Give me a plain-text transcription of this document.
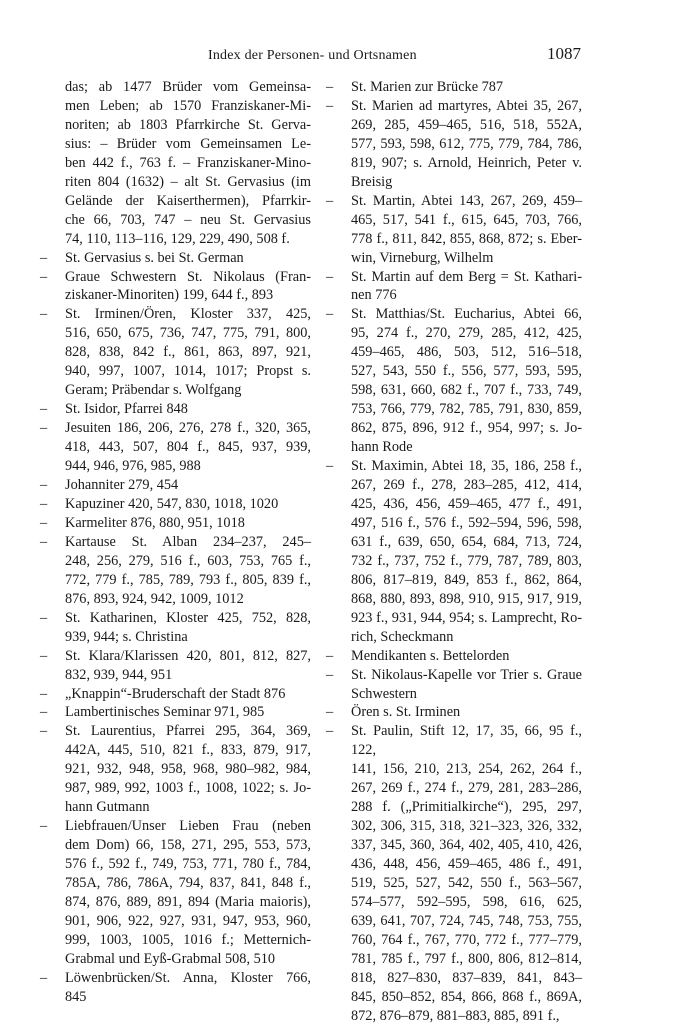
Index der Personen- und Ortsnamen	1087
das; ab 1477 Brüder vom Gemeinsa-
men Leben; ab 1570 Franziskaner-Mi-
noriten; ab 1803 Pfarrkirche St. Gerva-
sius: – Brüder vom Gemeinsamen Le-
ben 442 f., 763 f. – Franziskaner-Mino-
riten 804 (1632) – alt St. Gervasius (im
Gelände der Kaiserthermen), Pfarrkir-
che 66, 703, 747 – neu St. Gervasius
74, 110, 113–116, 129, 229, 490, 508 f.
– St. Gervasius s. bei St. German
– Graue Schwestern St. Nikolaus (Fran-
ziskaner-Minoriten) 199, 644 f., 893
– St. Irminen/Ören, Kloster 337, 425,
516, 650, 675, 736, 747, 775, 791, 800,
828, 838, 842 f., 861, 863, 897, 921,
940, 997, 1007, 1014, 1017; Propst s.
Geram; Präbendar s. Wolfgang
– St. Isidor, Pfarrei 848
– Jesuiten 186, 206, 276, 278 f., 320, 365,
418, 443, 507, 804 f., 845, 937, 939,
944, 946, 976, 985, 988
– Johanniter 279, 454
– Kapuziner 420, 547, 830, 1018, 1020
– Karmeliter 876, 880, 951, 1018
– Kartause St. Alban 234–237, 245–
248, 256, 279, 516 f., 603, 753, 765 f.,
772, 779 f., 785, 789, 793 f., 805, 839 f.,
876, 893, 924, 942, 1009, 1012
– St. Katharinen, Kloster 425, 752, 828,
939, 944; s. Christina
– St. Klara/Klarissen 420, 801, 812, 827,
832, 939, 944, 951
– „Knappin“-Bruderschaft der Stadt 876
– Lambertinisches Seminar 971, 985
– St. Laurentius, Pfarrei 295, 364, 369,
442A, 445, 510, 821 f., 833, 879, 917,
921, 932, 948, 958, 968, 980–982, 984,
987, 989, 992, 1003 f., 1008, 1022; s. Jo-
hann Gutmann
– Liebfrauen/Unser Lieben Frau (neben
dem Dom) 66, 158, 271, 295, 553, 573,
576 f., 592 f., 749, 753, 771, 780 f., 784,
785A, 786, 786A, 794, 837, 841, 848 f.,
874, 876, 889, 891, 894 (Maria maioris),
901, 906, 922, 927, 931, 947, 953, 960,
999, 1003, 1005, 1016 f.; Metternich-
Grabmal und Eyß-Grabmal 508, 510
– Löwenbrücken/St. Anna, Kloster 766,
845
– St. Marien zur Brücke 787
– St. Marien ad martyres, Abtei 35, 267,
269, 285, 459–465, 516, 518, 552A,
577, 593, 598, 612, 775, 779, 784, 786,
819, 907; s. Arnold, Heinrich, Peter v.
Breisig
– St. Martin, Abtei 143, 267, 269, 459–
465, 517, 541 f., 615, 645, 703, 766,
778 f., 811, 842, 855, 868, 872; s. Eber-
win, Virneburg, Wilhelm
– St. Martin auf dem Berg = St. Kathari-
nen 776
– St. Matthias/St. Eucharius, Abtei 66,
95, 274 f., 270, 279, 285, 412, 425,
459–465, 486, 503, 512, 516–518,
527, 543, 550 f., 556, 577, 593, 595,
598, 631, 660, 682 f., 707 f., 733, 749,
753, 766, 779, 782, 785, 791, 830, 859,
862, 875, 896, 912 f., 954, 997; s. Jo-
hann Rode
– St. Maximin, Abtei 18, 35, 186, 258 f.,
267, 269 f., 278, 283–285, 412, 414,
425, 436, 456, 459–465, 477 f., 491,
497, 516 f., 576 f., 592–594, 596, 598,
631 f., 639, 650, 654, 684, 713, 724,
732 f., 737, 752 f., 779, 787, 789, 803,
806, 817–819, 849, 853 f., 862, 864,
868, 880, 893, 898, 910, 915, 917, 919,
923 f., 931, 944, 954; s. Lamprecht, Ro-
rich, Scheckmann
– Mendikanten s. Bettelorden
– St. Nikolaus-Kapelle vor Trier s. Graue
Schwestern
– Ören s. St. Irminen
– St. Paulin, Stift 12, 17, 35, 66, 95 f., 122,
141, 156, 210, 213, 254, 262, 264 f.,
267, 269 f., 274 f., 279, 281, 283–286,
288 f. („Primitialkirche“), 295, 297,
302, 306, 315, 318, 321–323, 326, 332,
337, 345, 360, 364, 402, 405, 410, 426,
436, 448, 456, 459–465, 486 f., 491,
519, 525, 527, 542, 550 f., 563–567,
574–577, 592–595, 598, 616, 625,
639, 641, 707, 724, 745, 748, 753, 755,
760, 764 f., 767, 770, 772 f., 777–779,
781, 785 f., 797 f., 800, 806, 812–814,
818, 827–830, 837–839, 841, 843–
845, 850–852, 854, 866, 868 f., 869A,
872, 876–879, 881–883, 885, 891 f.,
